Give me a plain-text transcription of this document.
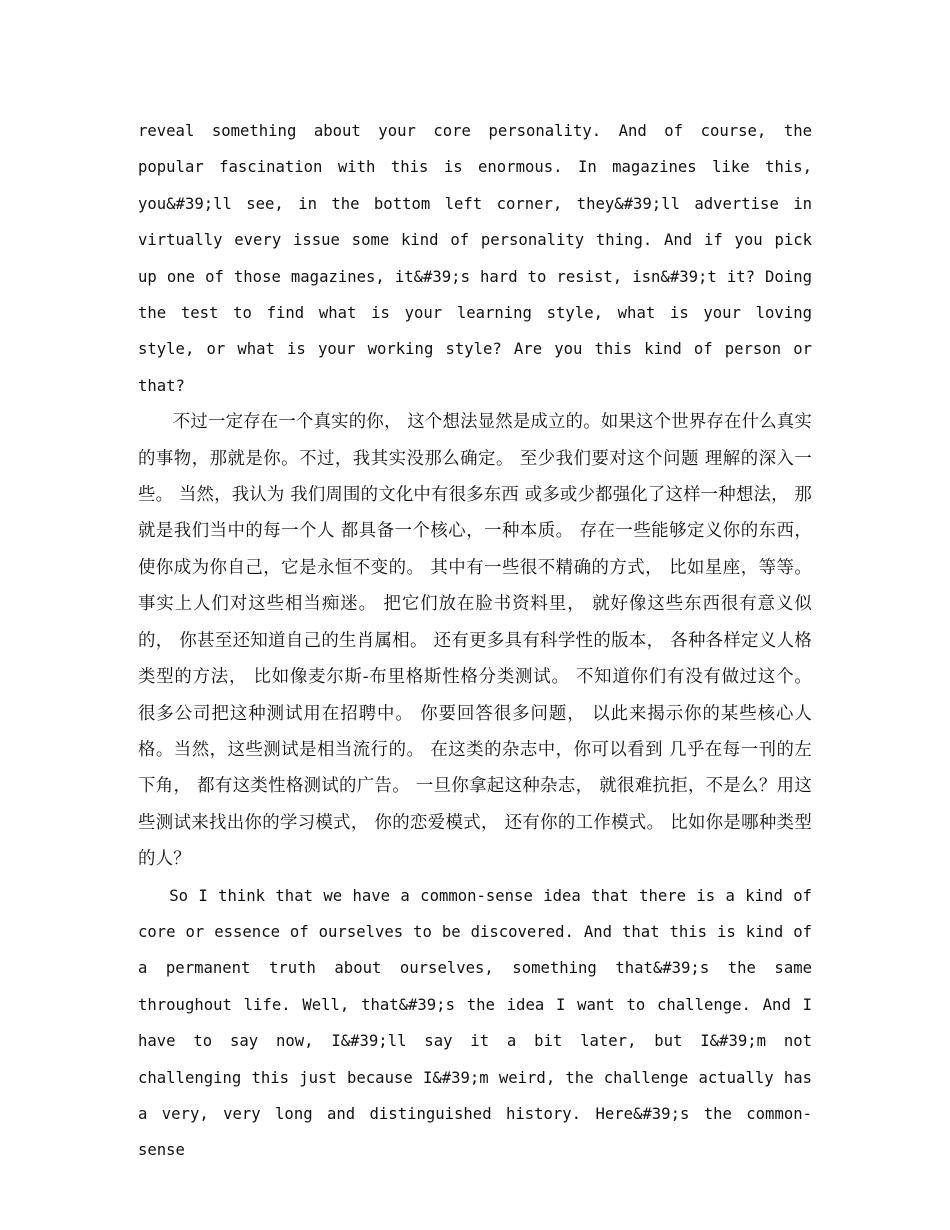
reveal something about your core personality. And of course, the popular fascination with this is enormous. In magazines like this, you&#39;ll see, in the bottom left corner, they&#39;ll advertise in virtually every issue some kind of personality thing. And if you pick up one of those magazines, it&#39;s hard to resist, isn&#39;t it? Doing the test to find what is your learning style, what is your loving style, or what is your working style? Are you this kind of person or that?

不过一定存在一个真实的你， 这个想法显然是成立的。如果这个世界存在什么真实的事物，那就是你。不过，我其实没那么确定。 至少我们要对这个问题 理解的深入一些。 当然，我认为 我们周围的文化中有很多东西 或多或少都强化了这样一种想法， 那就是我们当中的每一个人 都具备一个核心，一种本质。 存在一些能够定义你的东西， 使你成为你自己，它是永恒不变的。 其中有一些很不精确的方式， 比如星座，等等。 事实上人们对这些相当痴迷。 把它们放在脸书资料里， 就好像这些东西很有意义似的， 你甚至还知道自己的生肖属相。 还有更多具有科学性的版本， 各种各样定义人格类型的方法， 比如像麦尔斯-布里格斯性格分类测试。 不知道你们有没有做过这个。 很多公司把这种测试用在招聘中。 你要回答很多问题， 以此来揭示你的某些核心人格。当然，这些测试是相当流行的。 在这类的杂志中，你可以看到 几乎在每一刊的左下角， 都有这类性格测试的广告。 一旦你拿起这种杂志， 就很难抗拒，不是么？用这些测试来找出你的学习模式， 你的恋爱模式， 还有你的工作模式。 比如你是哪种类型的人？

So I think that we have a common-sense idea that there is a kind of core or essence of ourselves to be discovered. And that this is kind of a permanent truth about ourselves, something that&#39;s the same throughout life. Well, that&#39;s the idea I want to challenge. And I have to say now, I&#39;ll say it a bit later, but I&#39;m not challenging this just because I&#39;m weird, the challenge actually has a very, very long and distinguished history. Here&#39;s the common-sense
